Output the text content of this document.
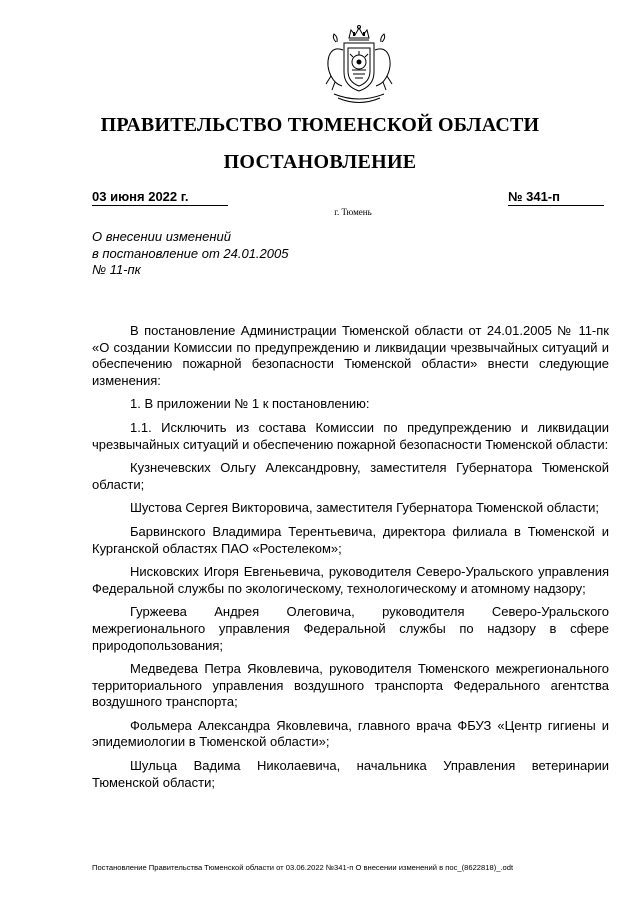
ПРАВИТЕЛЬСТВО ТЮМЕНСКОЙ ОБЛАСТИ
ПОСТАНОВЛЕНИЕ
03 июня 2022 г.	№ 341-п
г. Тюмень
О внесении изменений
в постановление от 24.01.2005
№ 11-пк

В постановление Администрации Тюменской области от 24.01.2005 № 11-пк «О создании Комиссии по предупреждению и ликвидации чрезвычайных ситуаций и обеспечению пожарной безопасности Тюменской области» внести следующие изменения:

1. В приложении № 1 к постановлению:

1.1. Исключить из состава Комиссии по предупреждению и ликвидации чрезвычайных ситуаций и обеспечению пожарной безопасности Тюменской области:

Кузнечевских Ольгу Александровну, заместителя Губернатора Тюменской области;

Шустова Сергея Викторовича, заместителя Губернатора Тюменской области;

Барвинского Владимира Терентьевича, директора филиала в Тюменской и Курганской областях ПАО «Ростелеком»;

Нисковских Игоря Евгеньевича, руководителя Северо-Уральского управления Федеральной службы по экологическому, технологическому и атомному надзору;

Гуржеева Андрея Олеговича, руководителя Северо-Уральского межрегионального управления Федеральной службы по надзору в сфере природопользования;

Медведева Петра Яковлевича, руководителя Тюменского межрегионального территориального управления воздушного транспорта Федерального агентства воздушного транспорта;

Фольмера Александра Яковлевича, главного врача ФБУЗ «Центр гигиены и эпидемиологии в Тюменской области»;

Шульца Вадима Николаевича, начальника Управления ветеринарии Тюменской области;

Постановление Правительства Тюменской области от 03.06.2022 №341-п О внесении изменений в пос_(8622818)_.odt
